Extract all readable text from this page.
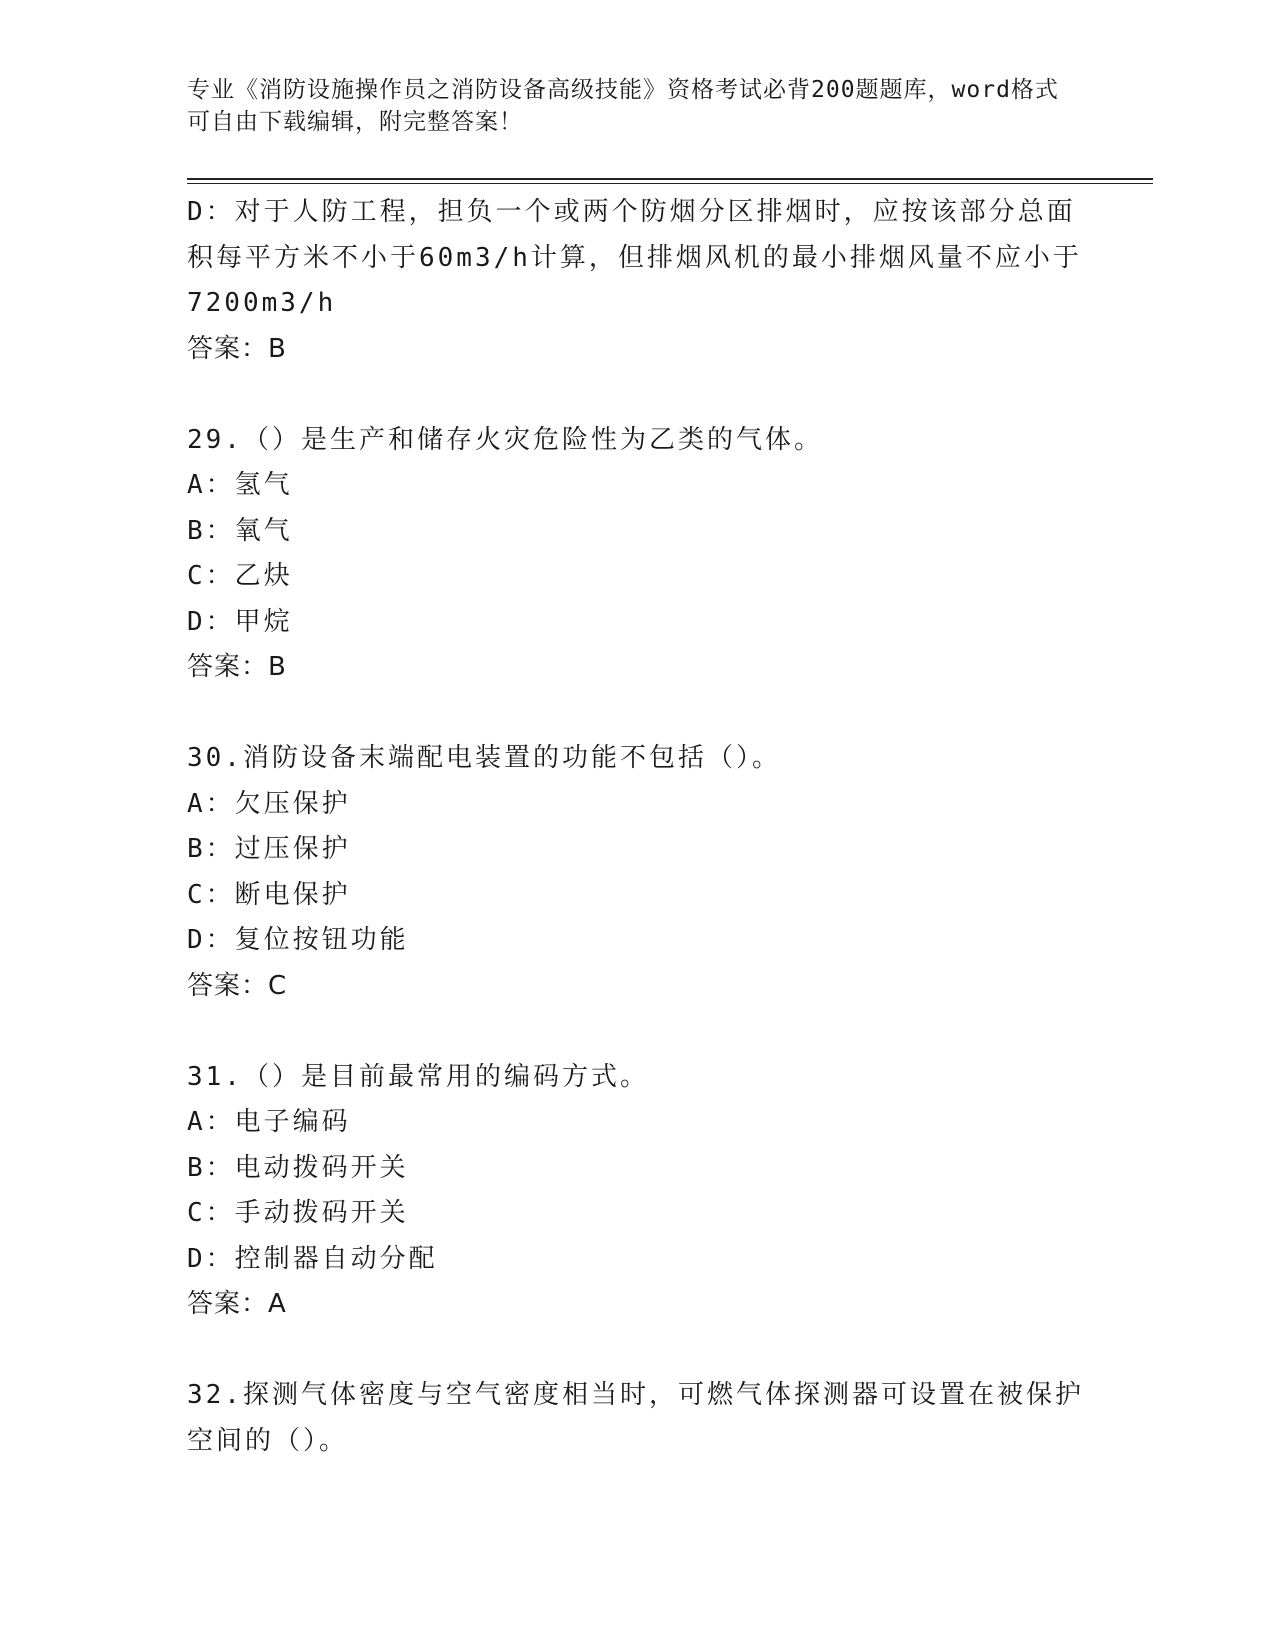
专业《消防设施操作员之消防设备高级技能》资格考试必背200题题库，word格式可自由下载编辑，附完整答案！
D：对于人防工程，担负一个或两个防烟分区排烟时，应按该部分总面积每平方米不小于60m3/h计算，但排烟风机的最小排烟风量不应小于7200m3/h
答案：B
29.（）是生产和储存火灾危险性为乙类的气体。
A：氢气
B：氧气
C：乙炔
D：甲烷
答案：B
30.消防设备末端配电装置的功能不包括（）。
A：欠压保护
B：过压保护
C：断电保护
D：复位按钮功能
答案：C
31.（）是目前最常用的编码方式。
A：电子编码
B：电动拨码开关
C：手动拨码开关
D：控制器自动分配
答案：A
32.探测气体密度与空气密度相当时，可燃气体探测器可设置在被保护空间的（）。
